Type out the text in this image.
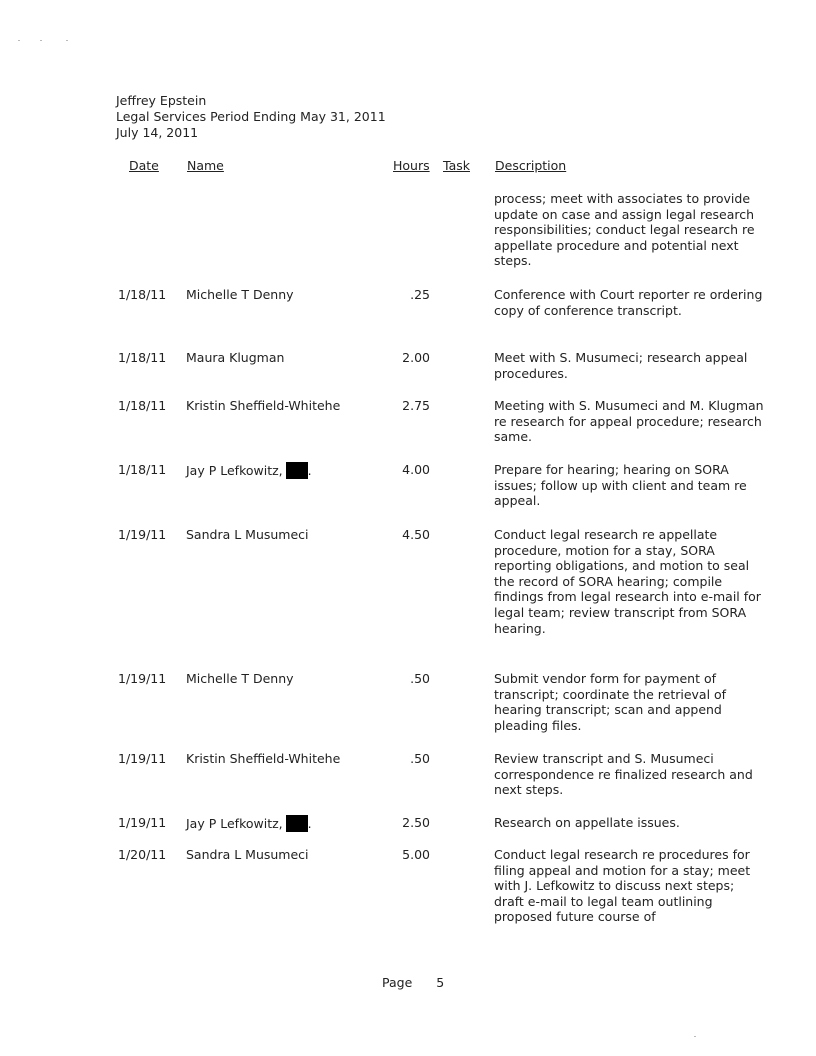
Jeffrey Epstein
Legal Services Period Ending May 31, 2011
July 14, 2011
Date Name	Hours Task Description
process; meet with associates to provide update on case and assign legal research responsibilities; conduct legal research re appellate procedure and potential next steps.
1/18/11 Michelle T Denny	.25	Conference with Court reporter re ordering copy of conference transcript.
1/18/11 Maura Klugman	2.00	Meet with S. Musumeci; research appeal procedures.
1/18/11 Kristin Sheffield-Whitehe	2.75	Meeting with S. Musumeci and M. Klugman re research for appeal procedure; research same.
1/18/11 Jay P Lefkowitz, .	4.00	Prepare for hearing; hearing on SORA issues; follow up with client and team re appeal.
1/19/11 Sandra L Musumeci	4.50	Conduct legal research re appellate procedure, motion for a stay, SORA reporting obligations, and motion to seal the record of SORA hearing; compile findings from legal research into e-mail for legal team; review transcript from SORA hearing.
1/19/11 Michelle T Denny	.50	Submit vendor form for payment of transcript; coordinate the retrieval of hearing transcript; scan and append pleading files.
1/19/11 Kristin Sheffield-Whitehe	.50	Review transcript and S. Musumeci correspondence re finalized research and next steps.
1/19/11 Jay P Lefkowitz, .	2.50	Research on appellate issues.
1/20/11 Sandra L Musumeci	5.00	Conduct legal research re procedures for filing appeal and motion for a stay; meet with J. Lefkowitz to discuss next steps; draft e-mail to legal team outlining proposed future course of
Page 5
